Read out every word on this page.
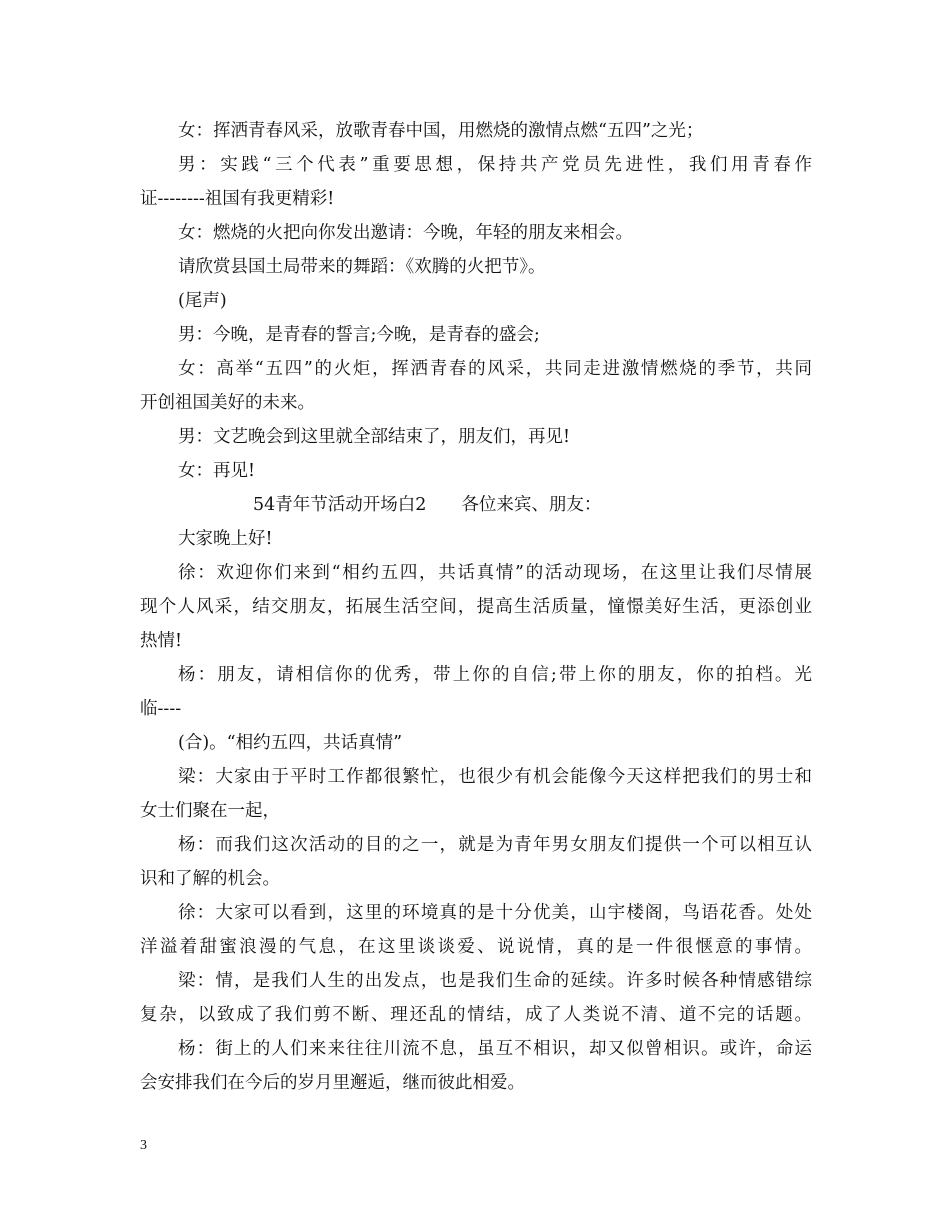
女：挥洒青春风采，放歌青春中国，用燃烧的激情点燃“五四”之光；
男：实践“三个代表”重要思想，保持共产党员先进性，我们用青春作
证--------祖国有我更精彩!
女：燃烧的火把向你发出邀请：今晚，年轻的朋友来相会。
请欣赏县国土局带来的舞蹈：《欢腾的火把节》。
(尾声)
男：今晚，是青春的誓言;今晚，是青春的盛会;
女：高举“五四”的火炬，挥洒青春的风采，共同走进激情燃烧的季节，共同
开创祖国美好的未来。
男：文艺晚会到这里就全部结束了，朋友们，再见!
女：再见!
54青年节活动开场白2　　各位来宾、朋友：
大家晚上好!
徐：欢迎你们来到“相约五四，共话真情”的活动现场，在这里让我们尽情展
现个人风采，结交朋友，拓展生活空间，提高生活质量，憧憬美好生活，更添创业
热情!
杨：朋友，请相信你的优秀，带上你的自信;带上你的朋友，你的拍档。光
临----
(合)。“相约五四，共话真情”
梁：大家由于平时工作都很繁忙，也很少有机会能像今天这样把我们的男士和
女士们聚在一起，
杨：而我们这次活动的目的之一，就是为青年男女朋友们提供一个可以相互认
识和了解的机会。
徐：大家可以看到，这里的环境真的是十分优美，山宇楼阁，鸟语花香。处处
洋溢着甜蜜浪漫的气息，在这里谈谈爱、说说情，真的是一件很惬意的事情。
梁：情，是我们人生的出发点，也是我们生命的延续。许多时候各种情感错综
复杂，以致成了我们剪不断、理还乱的情结，成了人类说不清、道不完的话题。
杨：街上的人们来来往往川流不息，虽互不相识，却又似曾相识。或许，命运
会安排我们在今后的岁月里邂逅，继而彼此相爱。
3
